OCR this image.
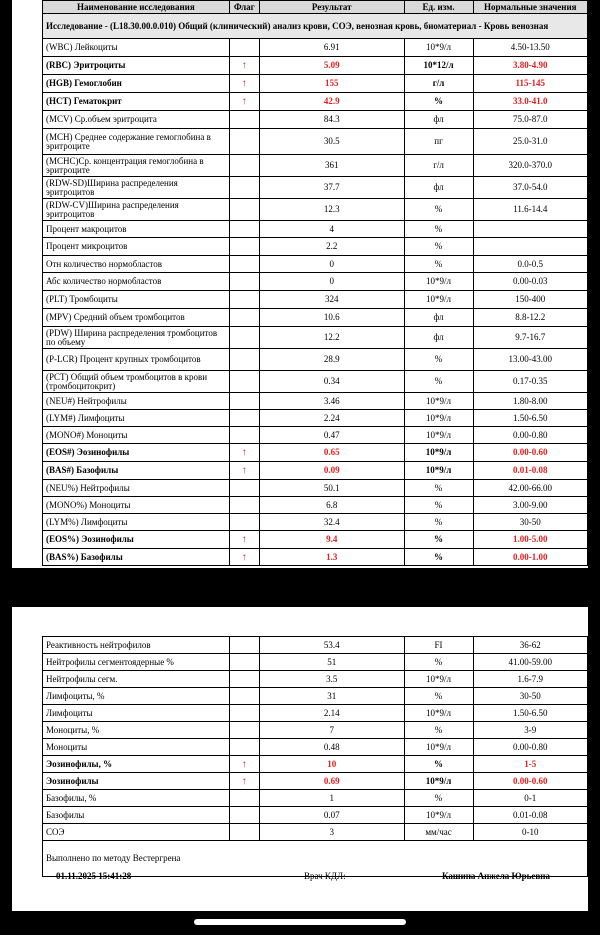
Наименование исследования	Флаг	Результат	Ед. изм.	Нормальные значения
Исследование - (L18.30.00.0.010) Общий (клинический) анализ крови, СОЭ, венозная кровь, биоматериал - Кровь венозная				
(WBC) Лейкоциты		6.91	10*9/л	4.50-13.50
(RBC) Эритроциты	↑	5.09	10*12/л	3.80-4.90
(HGB) Гемоглобин	↑	155	г/л	115-145
(HCT) Гематокрит	↑	42.9	%	33.0-41.0
(MCV) Ср.объем эритроцита		84.3	фл	75.0-87.0
(MCH) Среднее содержание гемоглобина в эритроците		30.5	пг	25.0-31.0
(MCHC)Ср. концентрация гемоглобина в эритроците		361	г/л	320.0-370.0
(RDW-SD)Ширина распределения эритроцитов		37.7	фл	37.0-54.0
(RDW-CV)Ширина распределения эритроцитов		12.3	%	11.6-14.4
Процент макроцитов		4	%	
Процент микроцитов		2.2	%	
Отн количество нормобластов		0	%	0.0-0.5
Абс количество нормобластов		0	10*9/л	0.00-0.03
(PLT) Тромбоциты		324	10*9/л	150-400
(MPV) Средний объем тромбоцитов		10.6	фл	8.8-12.2
(PDW) Ширина распределения тромбоцитов по объему		12.2	фл	9.7-16.7
(P-LCR) Процент крупных тромбоцитов		28.9	%	13.00-43.00
(PCT) Общий объем тромбоцитов в крови (тромбоцитокрит)		0.34	%	0.17-0.35
(NEU#) Нейтрофилы		3.46	10*9/л	1.80-8.00
(LYM#) Лимфоциты		2.24	10*9/л	1.50-6.50
(MONO#) Моноциты		0.47	10*9/л	0.00-0.80
(EOS#) Эозинофилы	↑	0.65	10*9/л	0.00-0.60
(BAS#) Базофилы	↑	0.09	10*9/л	0.01-0.08
(NEU%) Нейтрофилы		50.1	%	42.00-66.00
(MONO%) Моноциты		6.8	%	3.00-9.00
(LYM%) Лимфоциты		32.4	%	30-50
(EOS%) Эозинофилы	↑	9.4	%	1.00-5.00
(BAS%) Базофилы	↑	1.3	%	0.00-1.00
Реактивность нейтрофилов		53.4	FI	36-62
Нейтрофилы сегментоядерные %		51	%	41.00-59.00
Нейтрофилы сегм.		3.5	10*9/л	1.6-7.9
Лимфоциты, %		31	%	30-50
Лимфоциты		2.14	10*9/л	1.50-6.50
Моноциты, %		7	%	3-9
Моноциты		0.48	10*9/л	0.00-0.80
Эозинофилы, %	↑	10	%	1-5
Эозинофилы	↑	0.69	10*9/л	0.00-0.60
Базофилы, %		1	%	0-1
Базофилы		0.07	10*9/л	0.01-0.08
СОЭ		3	мм/час	0-10
Выполнено по методу Вестергрена				
01.11.2025 15:41:28	Врач КДЛ:	Кашина Анжела Юрьевна
